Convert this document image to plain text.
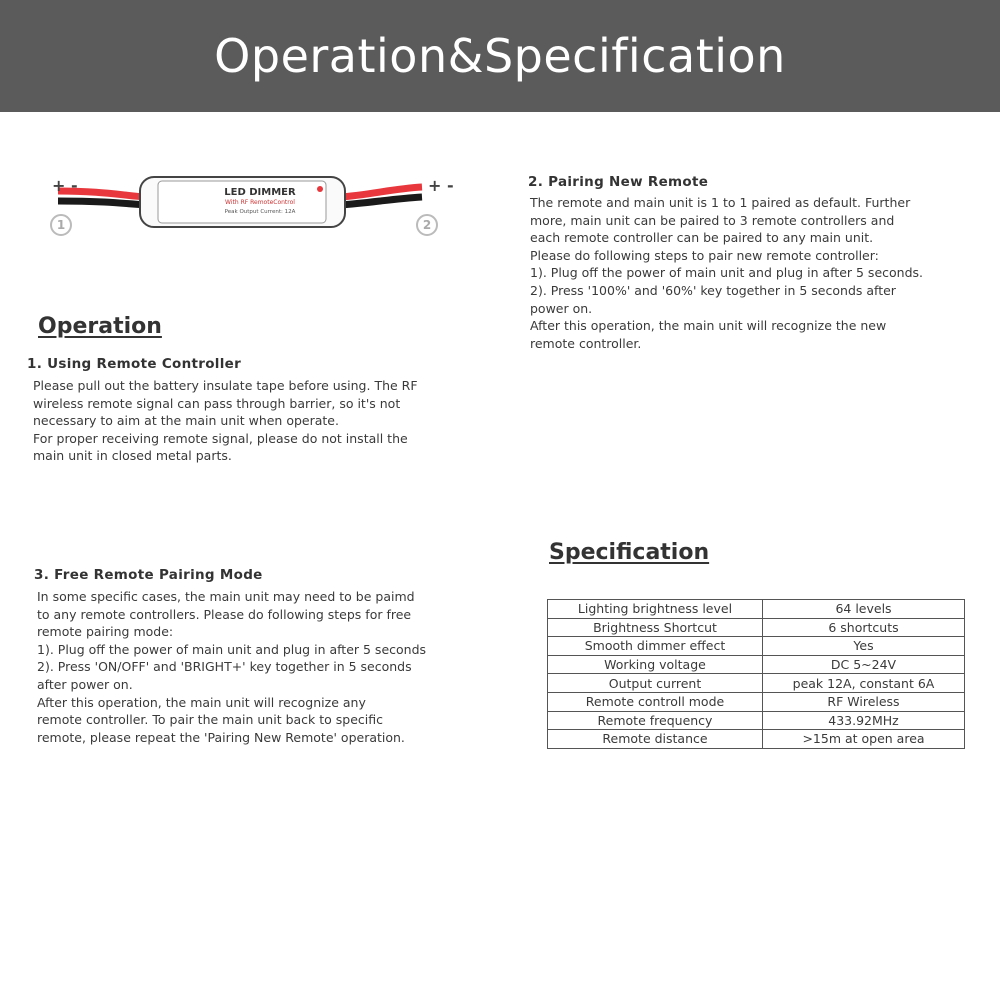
Operation&Specification
LED DIMMER
With RF RemoteControl
Peak Output Current: 12A
+ -	+ -
1	2
Operation
1. Using Remote Controller
Please pull out the battery insulate tape before using. The RF
wireless remote signal can pass through barrier, so it's not
necessary to aim at the main unit when operate.
For proper receiving remote signal, please do not install the
main unit in closed metal parts.
2. Pairing New Remote
The remote and main unit is 1 to 1 paired as default. Further
more, main unit can be paired to 3 remote controllers and
each remote controller can be paired to any main unit.
Please do following steps to pair new remote controller:
1). Plug off the power of main unit and plug in after 5 seconds.
2). Press '100%' and '60%' key together in 5 seconds after
power on.
After this operation, the main unit will recognize the new
remote controller.
3. Free Remote Pairing Mode
In some specific cases, the main unit may need to be paimd
to any remote controllers. Please do following steps for free
remote pairing mode:
1). Plug off the power of main unit and plug in after 5 seconds
2). Press 'ON/OFF' and 'BRIGHT+' key together in 5 seconds
after power on.
After this operation, the main unit will recognize any
remote controller. To pair the main unit back to specific
remote, please repeat the 'Pairing New Remote' operation.
Specification
Lighting brightness level	64 levels
Brightness Shortcut	6 shortcuts
Smooth dimmer effect	Yes
Working voltage	DC 5~24V
Output current	peak 12A, constant 6A
Remote controll mode	RF Wireless
Remote frequency	433.92MHz
Remote distance	>15m at open area
